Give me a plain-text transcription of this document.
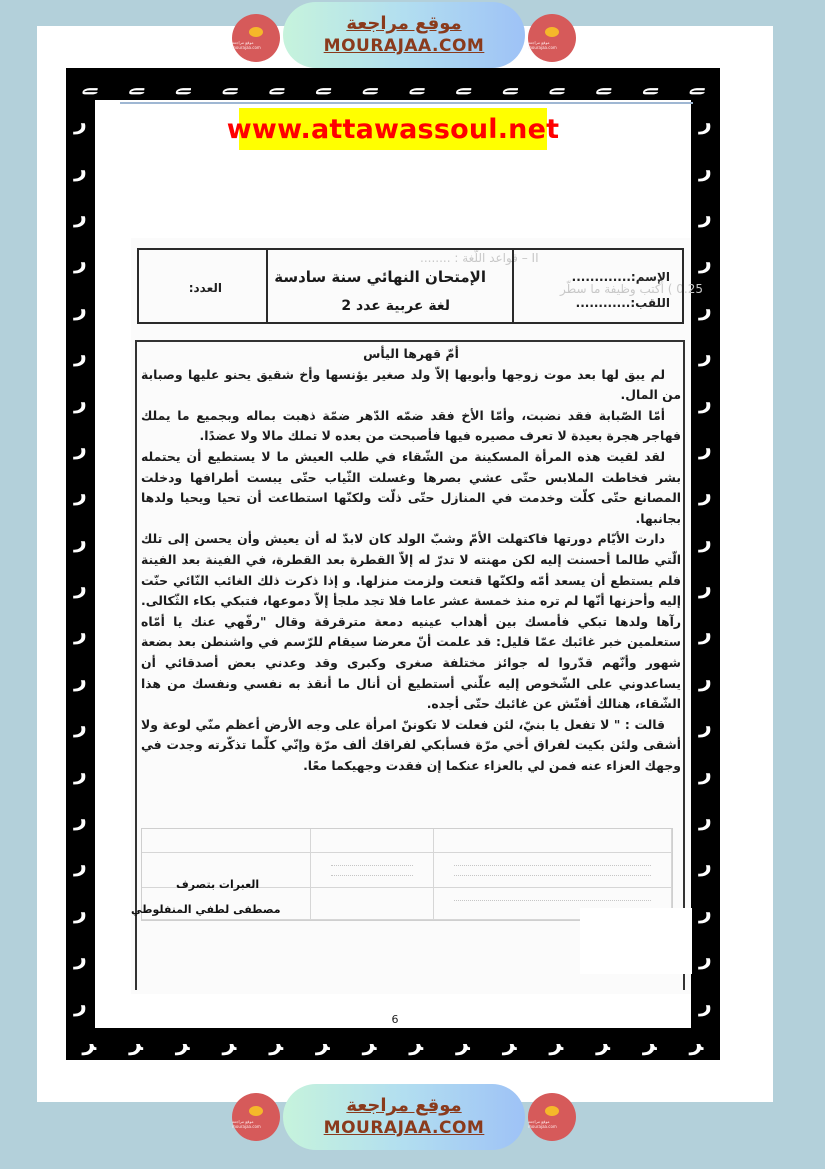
موقع مراجعة mourajaa.com
موقع مراجعة
MOURAJAA.COM	موقع مراجعة mourajaa.com
ﮯ ﮯ ﮯ ﮯ ﮯ ﮯ ﮯ ﮯ ﮯ ﮯ ﮯ ﮯ ﮯ ﮯ
ﺮ ﺮ ﺮ ﺮ ﺮ ﺮ ﺮ ﺮ ﺮ ﺮ ﺮ ﺮ ﺮ ﺮ
ﺭ
ﺭ
ﺭ
ﺭ
ﺭ
ﺭ
ﺭ
ﺭ
ﺭ
ﺭ
ﺭ
ﺭ
ﺭ
ﺭ
ﺭ
ﺭ
ﺭ
ﺭ
ﺭ
ﺭ
ﺭ
ﺭ
ﺭ
ﺭ
ﺭ
ﺭ
ﺭ
ﺭ
ﺭ
ﺭ
ﺭ
ﺭ
ﺭ
ﺭ
ﺭ
ﺭ
ﺭ
ﺭ
ﺭ
ﺭ
www.attawassoul.net
II – قواعد اللّغة : ........
0.25 ) أكتب وظيفة ما سطّر
العدد:
الإمتحان النهائي سنة سادسة
لغة عربية عدد 2
الإسم:.............
اللقب:............
أمّ قهرها اليأس

لم يبق لها بعد موت زوجها وأبويها إلاّ ولد صغير يؤنسها وأخ شقيق يحنو عليها وصبابة من المال.

أمّا الصّبابة فقد نضبت، وأمّا الأخ فقد ضمّه الدّهر ضمّة ذهبت بماله وبجميع ما يملك فهاجر هجرة بعيدة لا تعرف مصيره فيها فأصبحت من بعده لا تملك مالا ولا عضدًا.

لقد لقيت هذه المرأة المسكينة من الشّقاء في طلب العيش ما لا يستطيع أن يحتمله بشر فخاطت الملابس حتّى عشي بصرها وغسلت الثّياب حتّى يبست أطرافها ودخلت المصانع حتّى كلّت وخدمت في المنازل حتّى ذلّت ولكنّها استطاعت أن تحيا ويحيا ولدها بجانبها.

دارت الأيّام دورتها فاكتهلت الأمّ وشبّ الولد كان لابدّ له أن يعيش وأن يحسن إلى تلك الّتي طالما أحسنت إليه لكن مهنته لا تدرّ له إلاّ القطرة بعد القطرة، في الفينة بعد الفينة فلم يستطع أن يسعد أمّه ولكنّها قنعت ولزمت منزلها. و إذا ذكرت ذلك الغائب النّائي حنّت إليه وأحزنها أنّها لم تره منذ خمسة عشر عاما فلا تجد ملجأ إلاّ دموعها، فتبكي بكاء الثّكالى. رآها ولدها تبكي فأمسك بين أهداب عينيه دمعة مترقرقة وقال "رفّهي عنك يا أمّاه ستعلمين خبر غائبك عمّا قليل: قد علمت أنّ معرضا سيقام للرّسم في واشنطن بعد بضعة شهور وأنّهم قدّروا له جوائز مختلفة صغرى وكبرى وقد وعدني بعض أصدقائي أن يساعدوني على الشّخوص إليه علّني أستطيع أن أنال ما أنقذ به نفسي ونفسك من هذا الشّقاء، هنالك أفتّش عن غائبك حتّى أجده.

قالت : " لا تفعل يا بنيّ، لئن فعلت لا تكوننّ امرأة على وجه الأرض أعظم منّي لوعة ولا أشقى ولئن بكيت لفراق أخي مرّة فسأبكي لفراقك ألف مرّة وإنّي كلّما تذكّرته وجدت في وجهك العزاء عنه فمن لي بالعزاء عنكما إن فقدت وجهيكما معًا.

العبرات بتصرف
مصطفى لطفي المنفلوطي
6
موقع مراجعة mourajaa.com
موقع مراجعة
MOURAJAA.COM	موقع مراجعة mourajaa.com
